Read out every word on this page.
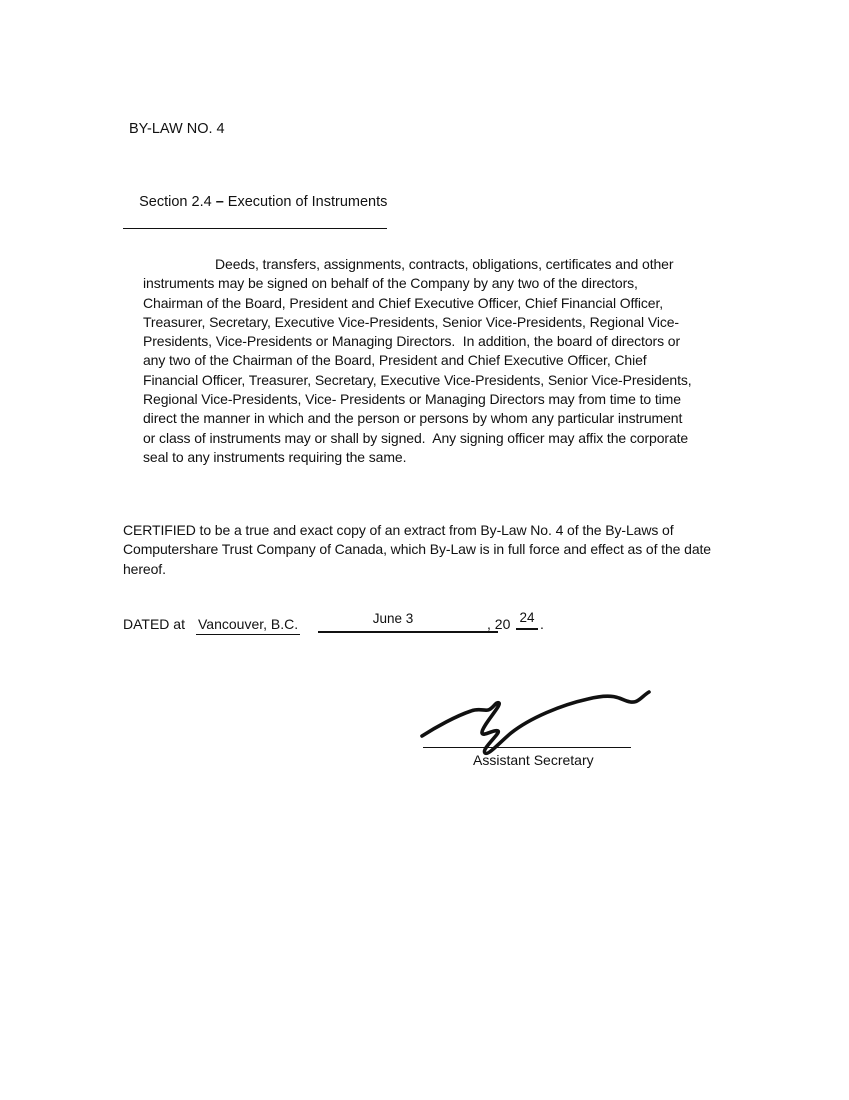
BY-LAW NO. 4

Section 2.4 – Execution of Instruments

Deeds, transfers, assignments, contracts, obligations, certificates and other
instruments may be signed on behalf of the Company by any two of the directors,
Chairman of the Board, President and Chief Executive Officer, Chief Financial Officer,
Treasurer, Secretary, Executive Vice-Presidents, Senior Vice-Presidents, Regional Vice-
Presidents, Vice-Presidents or Managing Directors.  In addition, the board of directors or
any two of the Chairman of the Board, President and Chief Executive Officer, Chief
Financial Officer, Treasurer, Secretary, Executive Vice-Presidents, Senior Vice-Presidents,
Regional Vice-Presidents, Vice- Presidents or Managing Directors may from time to time
direct the manner in which and the person or persons by whom any particular instrument
or class of instruments may or shall by signed.  Any signing officer may affix the corporate
seal to any instruments requiring the same.
CERTIFIED to be a true and exact copy of an extract from By-Law No. 4 of the By-Laws of
Computershare Trust Company of Canada, which By-Law is in full force and effect as of the date
hereof.
DATED at Vancouver, B.C.	June 3	, 20 24 .
Assistant Secretary
